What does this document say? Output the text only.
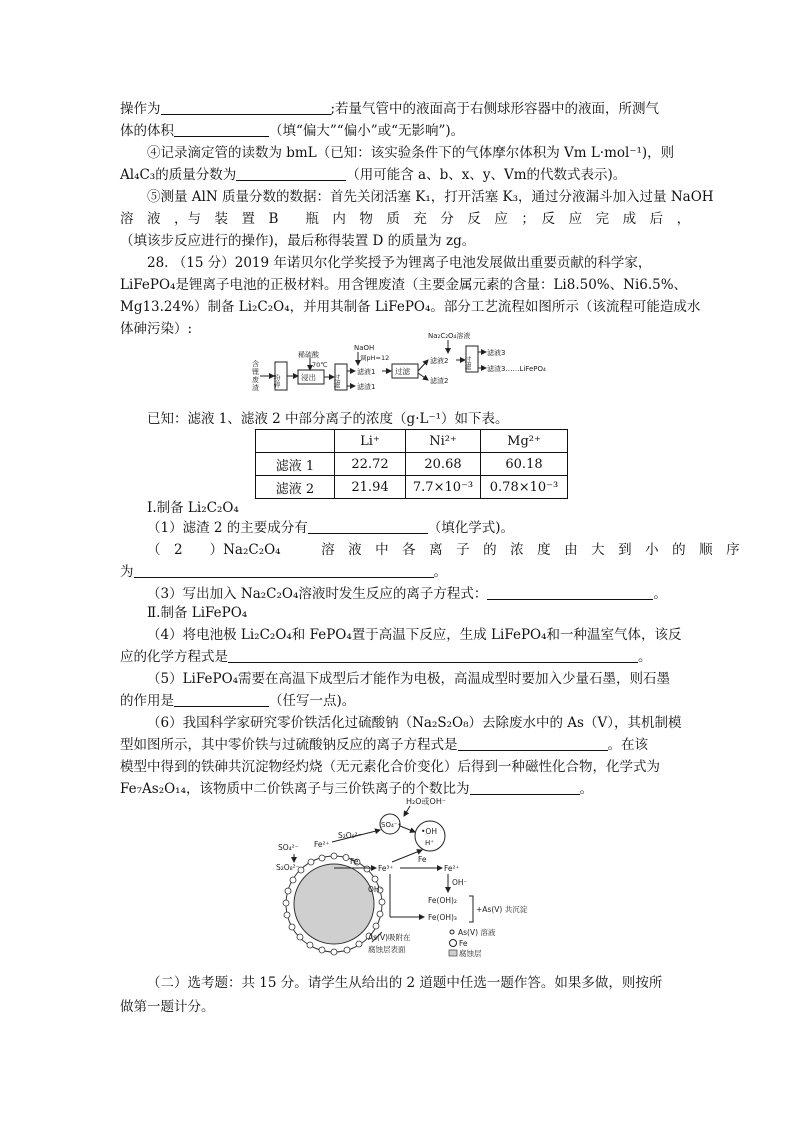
操作为	;若量气管中的液面高于右侧球形容器中的液面，所测气
体的体积	（填“偏大”“偏小”或“无影响”)。
④记录滴定管的读数为 bmL（已知：该实验条件下的气体摩尔体积为 Vm L·mol⁻¹)，则
Al₄C₃的质量分数为	（用可能含 a、b、x、y、Vm的代数式表示)。
⑤测量 AlN 质量分数的数据：首先关闭活塞 K₁，打开活塞 K₃，通过分液漏斗加入过量 NaOH
溶　液　，与　装　置　B　　瓶　内　物　质　充　分　反　应　；　反　应　完　成　后　，
（填该步反应进行的操作)，最后称得装置 D 的质量为 zg。
28. （15 分）2019 年诺贝尔化学奖授予为锂离子电池发展做出重要贡献的科学家，
LiFePO₄是锂离子电池的正极材料。用含锂废渣（主要金属元素的含量：Li8.50%、Ni6.5%、
Mg13.24%）制备 Li₂C₂O₄，并用其制备 LiFePO₄。部分工艺流程如图所示（该流程可能造成水
体砷污染）:
含
锂
废
渣 粉碎
稀硫酸
70℃
浸出 过滤
NaOH
调pH=12
滤液1
滤渣1
过滤
Na₂C₂O₄溶液
滤液2
滤渣2
过滤
滤液3
滤渣3……LiFePO₄
已知：滤液 1、滤液 2 中部分离子的浓度（g·L⁻¹）如下表。
	Li⁺	Ni²⁺	Mg²⁺
滤液 1	22.72	20.68	60.18
滤液 2	21.94	7.7×10⁻³	0.78×10⁻³
Ⅰ.制备 Li₂C₂O₄
（1）滤渣 2 的主要成分有	（填化学式)。
（　2　　）Na₂C₂O₄　　　溶　液　中　各　离　子　的　浓　度　由　大　到　小　的　顺　序
为	。
（3）写出加入 Na₂C₂O₄溶液时发生反应的离子方程式：	。
Ⅱ.制备 LiFePO₄
（4）将电池极 Li₂C₂O₄和 FePO₄置于高温下反应，生成 LiFePO₄和一种温室气体，该反
应的化学方程式是	。
（5）LiFePO₄需要在高温下成型后才能作为电极，高温成型时要加入少量石墨，则石墨
的作用是	（任写一点)。
（6）我国科学家研究零价铁活化过硫酸钠（Na₂S₂O₈）去除废水中的 As（V），其机制模
型如图所示，其中零价铁与过硫酸钠反应的离子方程式是	。在该
模型中得到的铁砷共沉淀物经灼烧（无元素化合价变化）后得到一种磁性化合物，化学式为
Fe₇As₂O₁₄，该物质中二价铁离子与三价铁离子的个数比为	。
H₂O或OH⁻
SO₄⁻•
•OH
H⁺
SO₄²⁻
S₂O₈²⁻
Fe²⁺
S₂O₈²⁻
Fe
Fe³⁺
Fe
Fe²⁺
OH⁻
OH⁻
Fe(OH)₂
Fe(OH)₃
+As(V) 共沉淀
As(V)吸附在
腐蚀层表面
As(V) 溶液
Fe
腐蚀层
（二）选考题：共 15 分。请学生从给出的 2 道题中任选一题作答。如果多做，则按所
做第一题计分。
